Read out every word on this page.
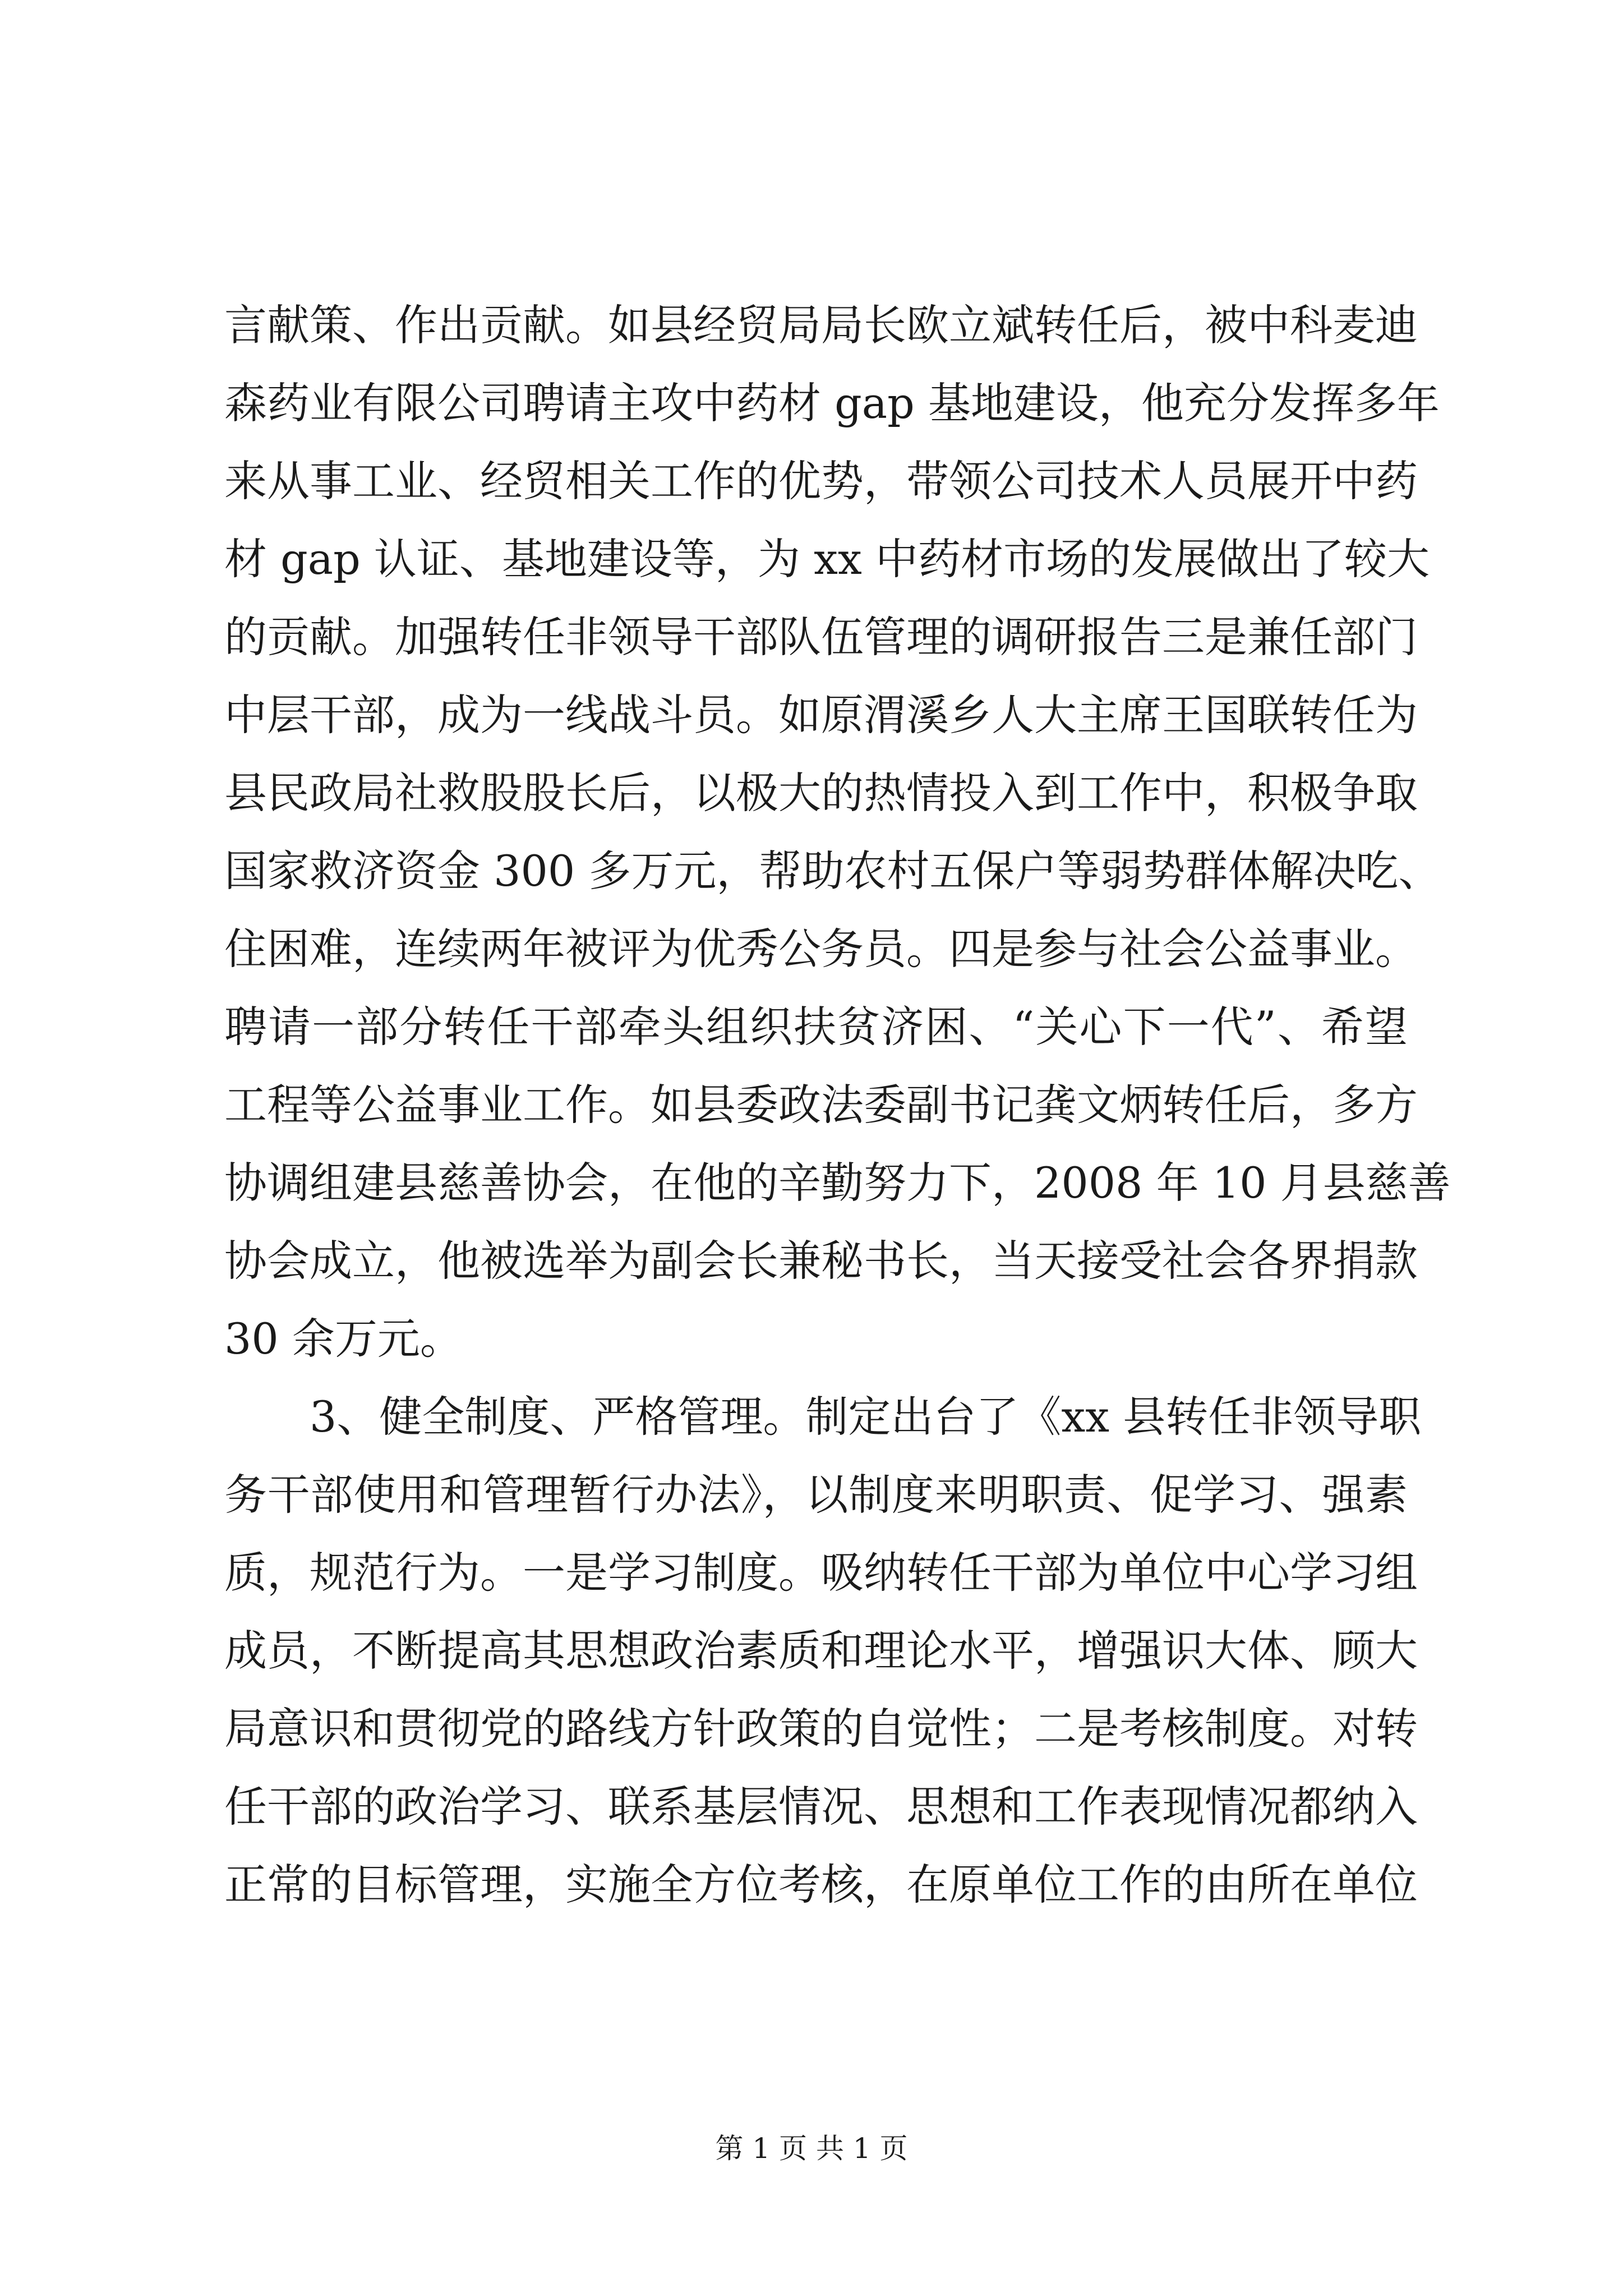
言献策、作出贡献。如县经贸局局长欧立斌转任后，被中科麦迪
森药业有限公司聘请主攻中药材 gap 基地建设，他充分发挥多年
来从事工业、经贸相关工作的优势，带领公司技术人员展开中药
材 gap 认证、基地建设等，为 xx 中药材市场的发展做出了较大
的贡献。加强转任非领导干部队伍管理的调研报告三是兼任部门
中层干部，成为一线战斗员。如原渭溪乡人大主席王国联转任为
县民政局社救股股长后，以极大的热情投入到工作中，积极争取
国家救济资金 300 多万元，帮助农村五保户等弱势群体解决吃、
住困难，连续两年被评为优秀公务员。四是参与社会公益事业。
聘请一部分转任干部牵头组织扶贫济困、“关心下一代”、希望
工程等公益事业工作。如县委政法委副书记龚文炳转任后，多方
协调组建县慈善协会，在他的辛勤努力下，2008 年 10 月县慈善
协会成立，他被选举为副会长兼秘书长，当天接受社会各界捐款
30 余万元。
3、健全制度、严格管理。制定出台了《xx 县转任非领导职
务干部使用和管理暂行办法》，以制度来明职责、促学习、强素
质，规范行为。一是学习制度。吸纳转任干部为单位中心学习组
成员，不断提高其思想政治素质和理论水平，增强识大体、顾大
局意识和贯彻党的路线方针政策的自觉性；二是考核制度。对转
任干部的政治学习、联系基层情况、思想和工作表现情况都纳入
正常的目标管理，实施全方位考核，在原单位工作的由所在单位
第 1 页 共 1 页
